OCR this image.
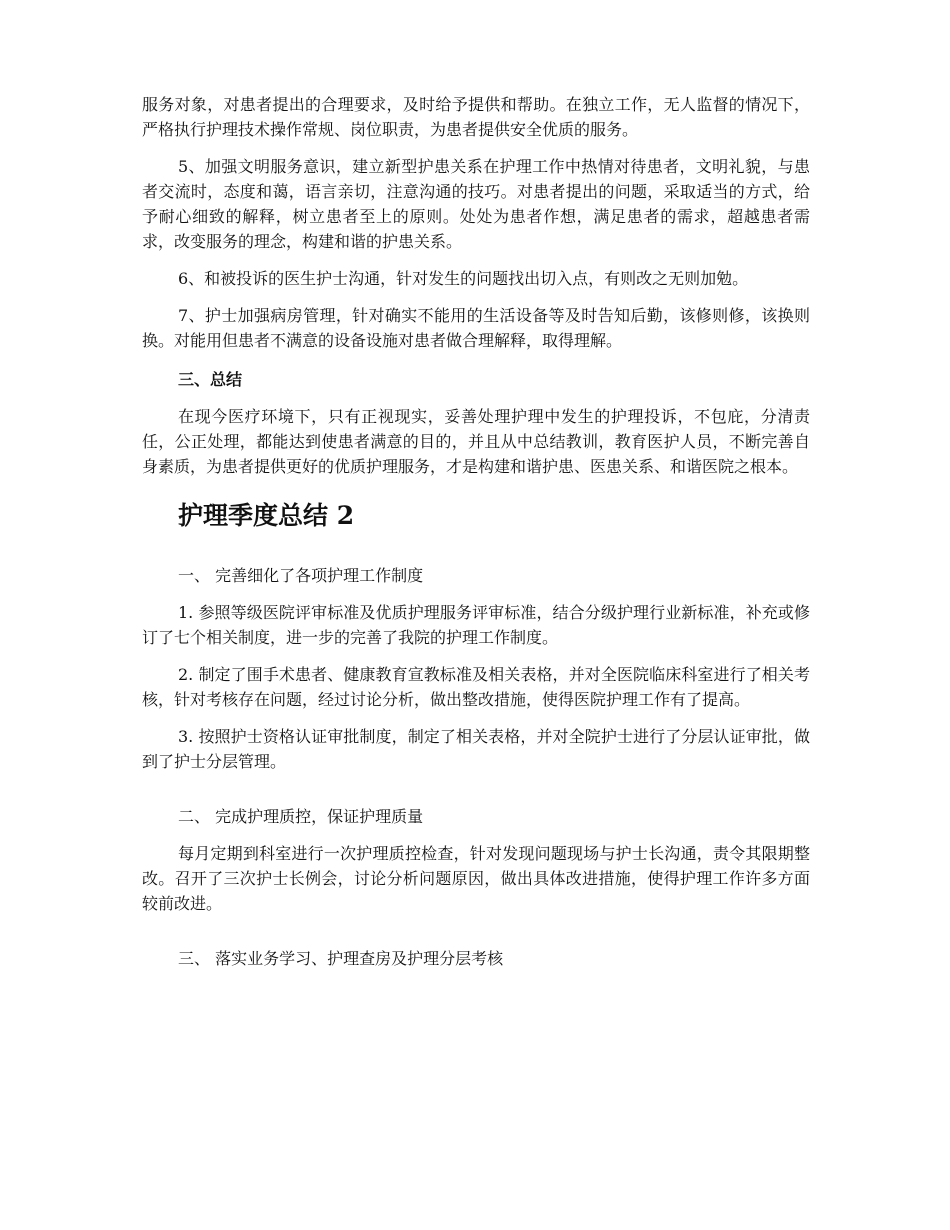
服务对象，对患者提出的合理要求，及时给予提供和帮助。在独立工作，无人监督的情况下，严格执行护理技术操作常规、岗位职责，为患者提供安全优质的服务。

5、加强文明服务意识，建立新型护患关系在护理工作中热情对待患者，文明礼貌，与患者交流时，态度和蔼，语言亲切，注意沟通的技巧。对患者提出的问题，采取适当的方式，给予耐心细致的解释，树立患者至上的原则。处处为患者作想，满足患者的需求，超越患者需求，改变服务的理念，构建和谐的护患关系。

6、和被投诉的医生护士沟通，针对发生的问题找出切入点，有则改之无则加勉。

7、护士加强病房管理，针对确实不能用的生活设备等及时告知后勤，该修则修，该换则换。对能用但患者不满意的设备设施对患者做合理解释，取得理解。

三、总结

在现今医疗环境下，只有正视现实，妥善处理护理中发生的护理投诉，不包庇，分清责任，公正处理，都能达到使患者满意的目的，并且从中总结教训，教育医护人员，不断完善自身素质，为患者提供更好的优质护理服务，才是构建和谐护患、医患关系、和谐医院之根本。

护理季度总结 2

一、 完善细化了各项护理工作制度

1. 参照等级医院评审标准及优质护理服务评审标准，结合分级护理行业新标准，补充或修订了七个相关制度，进一步的完善了我院的护理工作制度。

2. 制定了围手术患者、健康教育宣教标准及相关表格，并对全医院临床科室进行了相关考核，针对考核存在问题，经过讨论分析，做出整改措施，使得医院护理工作有了提高。

3. 按照护士资格认证审批制度，制定了相关表格，并对全院护士进行了分层认证审批，做到了护士分层管理。

二、 完成护理质控，保证护理质量

每月定期到科室进行一次护理质控检查，针对发现问题现场与护士长沟通，责令其限期整改。召开了三次护士长例会，讨论分析问题原因，做出具体改进措施，使得护理工作许多方面较前改进。

三、 落实业务学习、护理查房及护理分层考核
